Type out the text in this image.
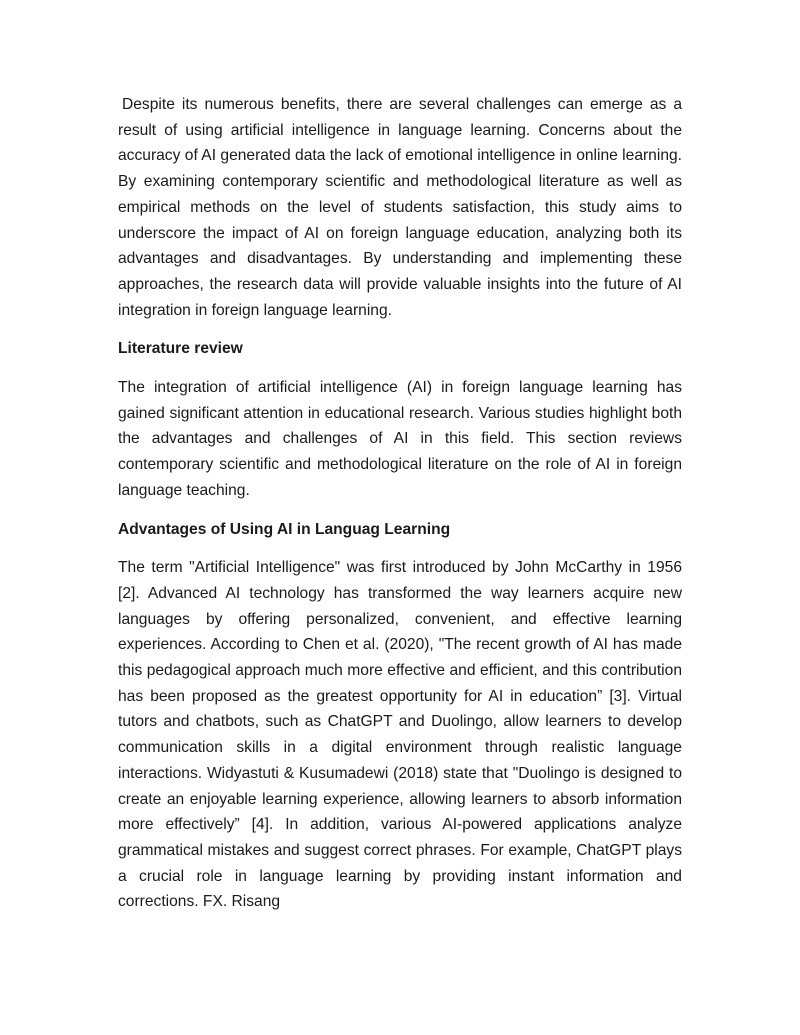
Despite its numerous benefits, there are several challenges can emerge as a result of using artificial intelligence in language learning. Concerns about the accuracy of AI generated data the lack of emotional intelligence in online learning. By examining contemporary scientific and methodological literature as well as empirical methods on the level of students satisfaction, this study aims to underscore the impact of AI on foreign language education, analyzing both its advantages and disadvantages. By understanding and implementing these approaches, the research data will provide valuable insights into the future of AI integration in foreign language learning.

Literature review

The integration of artificial intelligence (AI) in foreign language learning has gained significant attention in educational research. Various studies highlight both the advantages and challenges of AI in this field. This section reviews contemporary scientific and methodological literature on the role of AI in foreign language teaching.

Advantages of Using AI in Languag Learning

The term "Artificial Intelligence" was first introduced by John McCarthy in 1956 [2]. Advanced AI technology has transformed the way learners acquire new languages by offering personalized, convenient, and effective learning experiences. According to Chen et al. (2020), "The recent growth of AI has made this pedagogical approach much more effective and efficient, and this contribution has been proposed as the greatest opportunity for AI in education” [3]. Virtual tutors and chatbots, such as ChatGPT and Duolingo, allow learners to develop communication skills in a digital environment through realistic language interactions. Widyastuti & Kusumadewi (2018) state that "Duolingo is designed to create an enjoyable learning experience, allowing learners to absorb information more effectively” [4]. In addition, various AI-powered applications analyze grammatical mistakes and suggest correct phrases. For example, ChatGPT plays a crucial role in language learning by providing instant information and corrections. FX. Risang
